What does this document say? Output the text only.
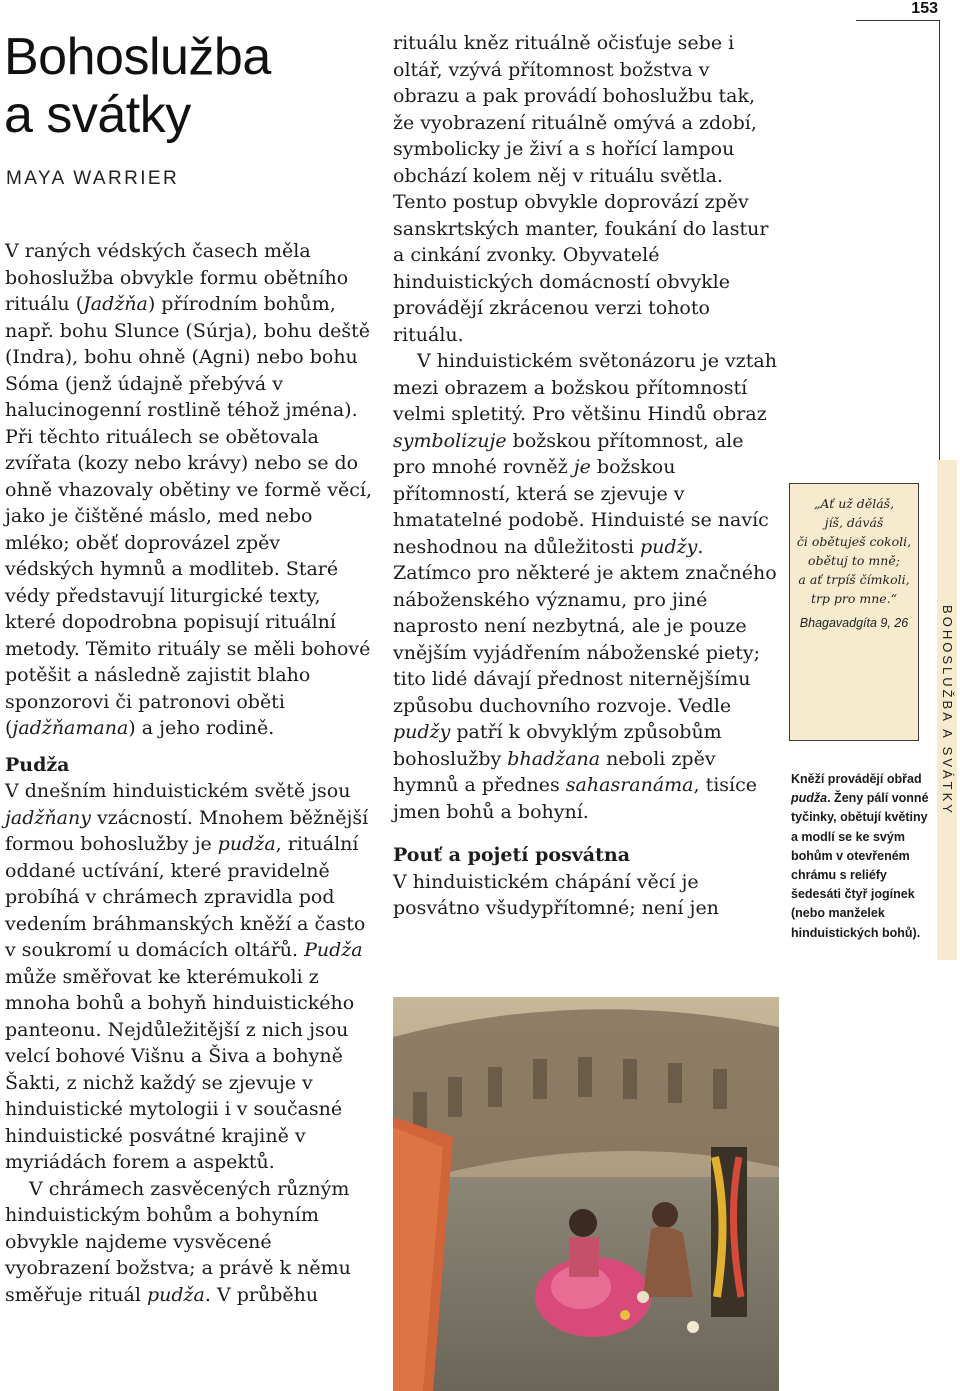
153
BOHOSLUŽBA A SVÁTKY
Bohoslužba
a svátky
MAYA WARRIER

V raných védských časech měla bohoslužba obvykle formu obětního rituálu (Jadžňa) přírodním bohům, např. bohu Slunce (Súrja), bohu deště (Indra), bohu ohně (Agni) nebo bohu Sóma (jenž údajně přebývá v halucinogenní rostlině téhož jména). Při těchto rituálech se obětovala zvířata (kozy nebo krávy) nebo se do ohně vhazovaly obětiny ve formě věcí, jako je čištěné máslo, med nebo mléko; oběť doprovázel zpěv védských hymnů a modliteb. Staré védy představují liturgické texty, které dopodrobna popisují rituální metody. Těmito rituály se měli bohové potěšit a následně zajistit blaho sponzorovi či patronovi oběti (jadžňamana) a jeho rodině.

Pudža

V dnešním hinduistickém světě jsou jadžňany vzácností. Mnohem běžnější formou bohoslužby je pudža, rituální oddané uctívání, které pravidelně probíhá v chrámech zpravidla pod vedením bráhmanských kněží a často v soukromí u domácích oltářů. Pudža může směřovat ke kterémukoli z mnoha bohů a bohyň hinduistického panteonu. Nejdůležitější z nich jsou velcí bohové Višnu a Šiva a bohyně Šakti, z nichž každý se zjevuje v hinduistické mytologii i v současné hinduistické posvátné krajině v myriádách forem a aspektů.

V chrámech zasvěcených různým hinduistickým bohům a bohyním obvykle najdeme vysvěcené vyobrazení božstva; a právě k němu směřuje rituál pudža. V průběhu

rituálu kněz rituálně očisťuje sebe i oltář, vzývá přítomnost božstva v obrazu a pak provádí bohoslužbu tak, že vyobrazení rituálně omývá a zdobí, symbolicky je živí a s hořící lampou obchází kolem něj v rituálu světla. Tento postup obvykle doprovází zpěv sanskrtských manter, foukání do lastur a cinkání zvonky. Obyvatelé hinduistických domácností obvykle provádějí zkrácenou verzi tohoto rituálu.

V hinduistickém světonázoru je vztah mezi obrazem a božskou přítomností velmi spletitý. Pro většinu Hindů obraz symbolizuje božskou přítomnost, ale pro mnohé rovněž je božskou přítomností, která se zjevuje v hmatatelné podobě. Hinduisté se navíc neshodnou na důležitosti pudžy. Zatímco pro některé je aktem značného náboženského významu, pro jiné naprosto není nezbytná, ale je pouze vnějším vyjádřením náboženské piety; tito lidé dávají přednost niternějšímu způsobu duchovního rozvoje. Vedle pudžy patří k obvyklým způsobům bohoslužby bhadžana neboli zpěv hymnů a přednes sahasranáma, tisíce jmen bohů a bohyní.

Pouť a pojetí posvátna

V hinduistickém chápání věcí je posvátno všudypřítomné; není jen

„Ať už děláš,
jíš, dáváš
či obětuješ cokoli,
obětuj to mně;
a ať trpíš čímkoli,
trp pro mne.“
Bhagavadgíta 9, 26
Kněží provádějí obřad pudža. Ženy pálí vonné tyčinky, obětují květiny a modlí se ke svým bohům v otevřeném chrámu s reliéfy šedesáti čtyř jogínek (nebo manželek hinduistických bohů).
